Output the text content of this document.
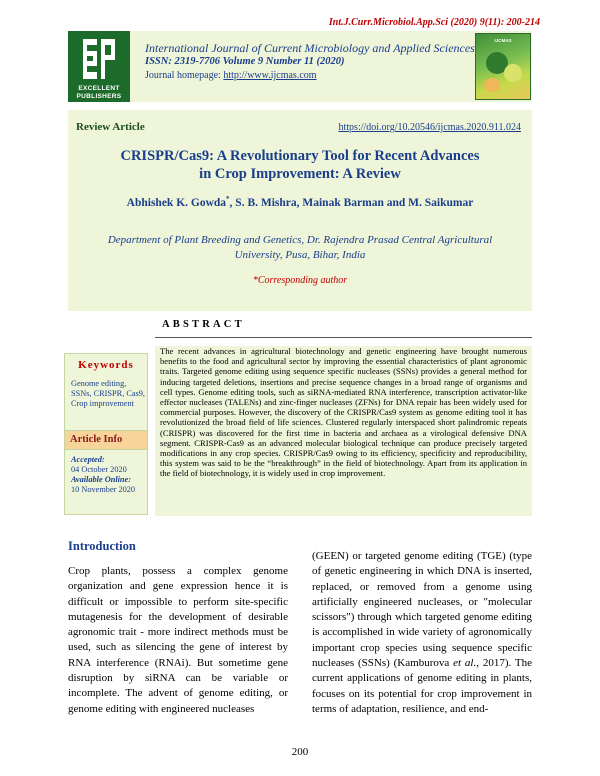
Int.J.Curr.Microbiol.App.Sci (2020) 9(11): 200-214
EXCELLENT
PUBLISHERS
International Journal of Current Microbiology and Applied Sciences
ISSN: 2319-7706 Volume 9 Number 11 (2020)
Journal homepage: http://www.ijcmas.com
IJCMAS
Review Article	https://doi.org/10.20546/ijcmas.2020.911.024
CRISPR/Cas9: A Revolutionary Tool for Recent Advances
in Crop Improvement: A Review
Abhishek K. Gowda*, S. B. Mishra, Mainak Barman and M. Saikumar
Department of Plant Breeding and Genetics, Dr. Rajendra Prasad Central Agricultural
University, Pusa, Bihar, India
*Corresponding author
ABSTRACT
The recent advances in agricultural biotechnology and genetic engineering have brought numerous benefits to the food and agricultural sector by improving the essential characteristics of plant agronomic traits. Targeted genome editing using sequence specific nucleases (SSNs) provides a general method for inducing targeted deletions, insertions and precise sequence changes in a broad range of organisms and cell types. Genome editing tools, such as siRNA-mediated RNA interference, transcription activator-like effector nucleases (TALENs) and zinc-finger nucleases (ZFNs) for DNA repair has been widely used for commercial purposes. However, the discovery of the CRISPR/Cas9 system as genome editing tool it has revolutionized the broad field of life sciences. Clustered regularly interspaced short palindromic repeats (CRISPR) was discovered for the first time in bacteria and archaea as a virological defensive DNA segment. CRISPR-Cas9 as an advanced molecular biological technique can produce precisely targeted modifications in any crop species. CRISPR/Cas9 owing to its efficiency, specificity and reproducibility, this system was said to be the “breakthrough” in the field of biotechnology. Apart from its application in the field of biotechnology, it is widely used in crop improvement.
Keywords
Genome editing, SSNs, CRISPR, Cas9, Crop improvement
Article Info
Accepted:
04 October 2020
Available Online:
10 November 2020
Introduction
Crop plants, possess a complex genome organization and gene expression hence it is difficult or impossible to perform site-specific mutagenesis for the development of desirable agronomic trait - more indirect methods must be used, such as silencing the gene of interest by RNA interference (RNAi). But sometime gene disruption by siRNA can be variable or incomplete. The advent of genome editing, or genome editing with engineered nucleases
(GEEN) or targeted genome editing (TGE) (type of genetic engineering in which DNA is inserted, replaced, or removed from a genome using artificially engineered nucleases, or "molecular scissors") through which targeted genome editing is accomplished in wide variety of agronomically important crop species using sequence specific nucleases (SSNs) (Kamburova et al., 2017). The current applications of genome editing in plants, focuses on its potential for crop improvement in terms of adaptation, resilience, and end-
200
